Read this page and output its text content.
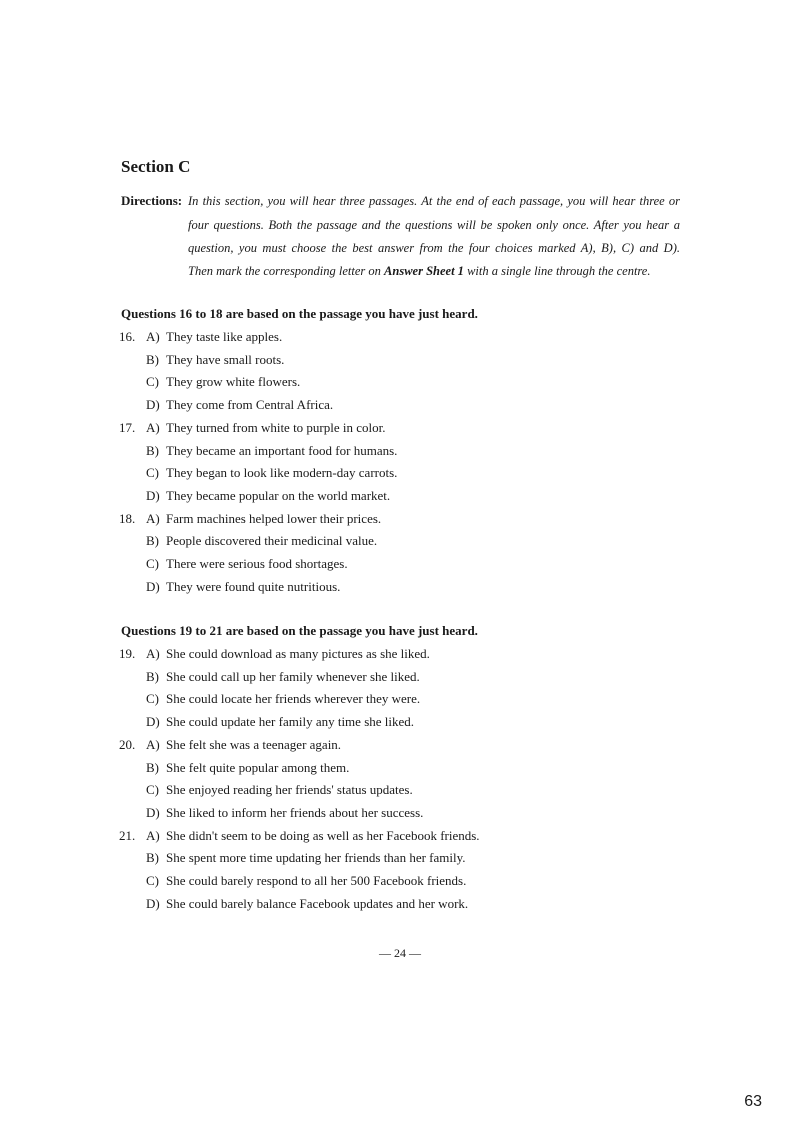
Section C
Directions: In this section, you will hear three passages. At the end of each passage, you will hear three or
four questions. Both the passage and the questions will be spoken only once. After you hear a
question, you must choose the best answer from the four choices marked A), B), C) and D).
Then mark the corresponding letter on Answer Sheet 1 with a single line through the centre.
Questions 16 to 18 are based on the passage you have just heard.
16. A) They taste like apples.
B) They have small roots.
C) They grow white flowers.
D) They come from Central Africa.
17. A) They turned from white to purple in color.
B) They became an important food for humans.
C) They began to look like modern-day carrots.
D) They became popular on the world market.
18. A) Farm machines helped lower their prices.
B) People discovered their medicinal value.
C) There were serious food shortages.
D) They were found quite nutritious.
Questions 19 to 21 are based on the passage you have just heard.
19. A) She could download as many pictures as she liked.
B) She could call up her family whenever she liked.
C) She could locate her friends wherever they were.
D) She could update her family any time she liked.
20. A) She felt she was a teenager again.
B) She felt quite popular among them.
C) She enjoyed reading her friends' status updates.
D) She liked to inform her friends about her success.
21. A) She didn't seem to be doing as well as her Facebook friends.
B) She spent more time updating her friends than her family.
C) She could barely respond to all her 500 Facebook friends.
D) She could barely balance Facebook updates and her work.
— 24 —
63
